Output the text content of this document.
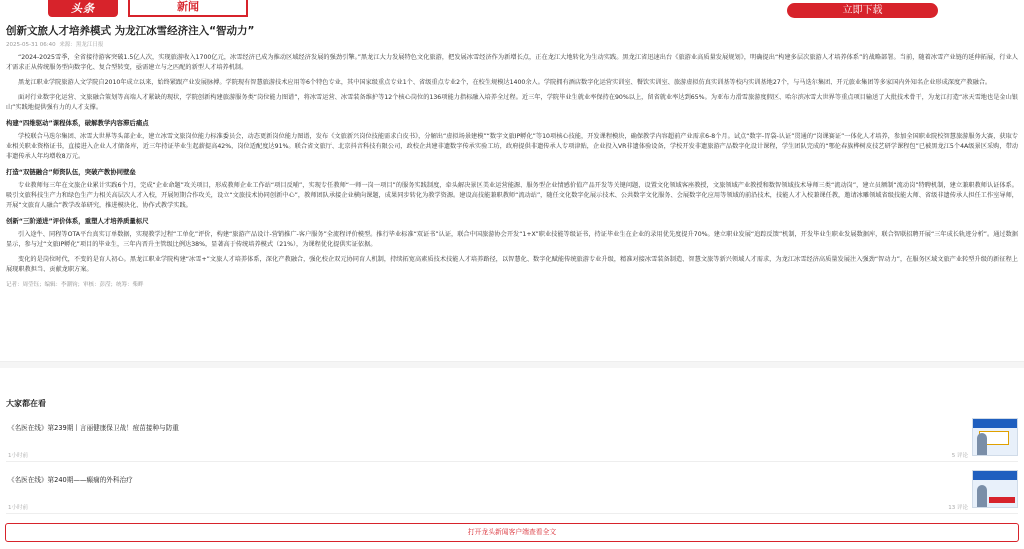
头条	新闻	立即下载
创新文旅人才培养模式 为龙江冰雪经济注入“智动力”
2025-05-31 06:40 来源：黑龙江日报

“2024-2025雪季，全省接待游客突破1.5亿人次，实现旅游收入1700亿元，冰雪经济已成为推动区域经济发展的强劲引擎。”黑龙江大力发展特色文化旅游，把发展冰雪经济作为新增长点，正在龙江大地转化为生动实践。黑龙江省迅速出台《旅游业高质量发展规划》，明确提出“构建多层次旅游人才培养体系”的战略部署。当前，随着冰雪产业链的延伸拓展，行业人才需求正从传统服务型向数字化、复合型转变，亟需建立与之匹配的新型人才培养机制。

黑龙江职业学院旅游人文学院自2010年成立以来，始终紧跟产业发展脉搏。学院现有智慧旅游技术应用等6个特色专业，其中国家级重点专业1个、省级重点专业2个，在校生规模达1400余人。学院拥有酒店数字化运营实训室、餐饮实训室、旅游虚拟仿真实训基等校内实训基地27个，与马迭尔集团、开元旅业集团等多家国内外知名企业形成深度产教融合。

面对行业数字化运营、文旅融合策划等高端人才紧缺的现状，学院创新构建旅游服务类“岗位能力图谱”，将冰雪运营、冰雪装备维护等12个核心岗位的136项能力指标融入培养全过程。近三年，学院毕业生就业率保持在90%以上，留省就业率达到65%。为亚布力滑雪旅游度假区、哈尔滨冰雪大世界等重点项目输送了大批技术骨干，为龙江打造“冰天雪地也是金山银山”实践地提供强有力的人才支撑。

构建“四维驱动”课程体系，破解教学内容滞后痛点

学校联合马迭尔集团、冰雪大世界等头部企业，建立冰雪文旅岗位能力标准委员会，动态更新岗位能力图谱，发布《文旅新兴岗位技能需求白皮书》，分解出“虚拟场景建模”“数字文旅IP孵化”等10项核心技能，开发课程模块，确保教学内容超前产业需求6-8个月。试点“数字-胃袋-认证”贯通的“岗课赛证”一体化人才培养，参加全国职业院校智慧旅游服务大赛，获取专业相关职业资格证书，直接进入企业人才储备库，近三年持证毕业生起薪提高42%，岗位适配度达91%。联合省文旅厅、北京抖音科技有限公司，政校企共建非遗数字传承实验工坊，政府提供非遗传承人专项津贴，企业投入VR非遗体验设备，学校开发非遗旅游产品数字化设计课程，学生团队完成的“鄂伦春族桦树皮技艺研学课程包”已被黑龙江5个4A级景区采购，带动非遗传承人年均增收8万元。

打造“双链融合”师资队伍，突破产教协同壁垒

专业教师每三年在文旅企业累计实践6个月，完成“企业命题”攻关项目，形成教师企业工作站“项目反哺”，实现专任教师“一师一岗一项目”的服务实践制度，牵头解决景区美业运营能源、服务型企业情感价值产品开发等关键问题，设置文化领域客座教授，文旅领域产业教授和数智领域技术导师三类“流动岗”，建立员额制“流动岗”特聘机制，建立兼职教师认证体系。吸引文旅科技生产力和绿色生产力相关高层次人才入校，开展短期合作攻关，设立“文旅技术协同创新中心”，教师团队承接企业横向课题，成果同步转化为教学资源。建设高技能兼职教师“流动站”，随任文化数字化展示技术、公共数字文化服务、会展数字化应用等领域的前沿技术，技能人才入校兼课任教，邀请冰雕领域省级技能大师、省级非遗传承人担任工作室导师，开展“文旅育人融合”教学改革研究，推进模块化、协作式教学实践。

创新“三阶递进”评价体系，重塑人才培养质量标尺

引入途牛、同程等OTA平台真实订单数据，实现教学过程“工单化”评价，构建“旅游产品设计-营销推广-客户服务”全流程评价模型。推行毕业标准“双证书”认证，联合中国旅游协会开发“1+X”职业技能等级证书，持证毕业生在企业的录用优先度提升70%。建立职业发展“追踪反馈”机制，开发毕业生职业发展数据库，联合智联招聘开展“三年成长轨迹分析”。通过数据显示，参与过“文旅IP孵化”项目的毕业生，三年内晋升主管级比例达38%，显著高于传统培养模式（21%），为课程优化提供实证依据。

变化的是岗位时代，不变的是育人初心。黑龙江职业学院构建“冰雪+”文旅人才培养体系，深化产教融合，强化校企双元协同育人机制，持续拓宽高素质技术技能人才培养路径，以智慧化、数字化赋能传统旅游专业升级，精准对接冰雪装备制造、智慧文旅等新兴领域人才需求，为龙江冰雪经济高质量发展注入强劲“智动力”，在服务区域文旅产业转型升级的新征程上展现职教担当、贡献龙职方案。

记者：周莹钰；编辑：李潮钧；审核：彭滢；统筹：柴畔
大家都在看
《名医在线》第239期丨言丽健康保卫战！痘苗接种与防重
1小时前	5 评论
《名医在线》第240期——癫痫的外科治疗
1小时前	13 评论
打开龙头新闻客户端查看全文
